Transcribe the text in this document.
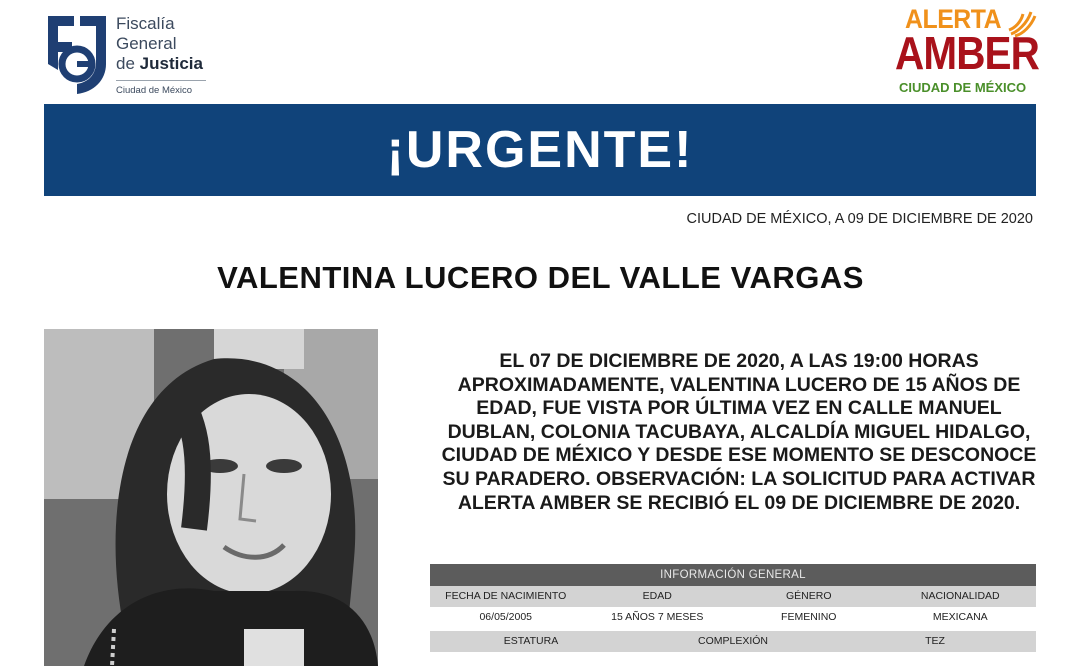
Fiscalía
General
de Justicia
Ciudad de México
ALERTA
AMBER
CIUDAD DE MÉXICO
¡URGENTE!
CIUDAD DE MÉXICO, A 09 DE DICIEMBRE DE 2020
VALENTINA LUCERO DEL VALLE VARGAS
EL 07 DE DICIEMBRE DE 2020, A LAS 19:00 HORAS APROXIMADAMENTE, VALENTINA LUCERO DE 15 AÑOS DE EDAD, FUE VISTA POR ÚLTIMA VEZ EN CALLE MANUEL DUBLAN, COLONIA TACUBAYA, ALCALDÍA MIGUEL HIDALGO, CIUDAD DE MÉXICO Y DESDE ESE MOMENTO SE DESCONOCE SU PARADERO. OBSERVACIÓN: LA SOLICITUD PARA ACTIVAR ALERTA AMBER SE RECIBIÓ EL 09 DE DICIEMBRE DE 2020.
INFORMACIÓN GENERAL
FECHA DE NACIMIENTO	EDAD	GÉNERO	NACIONALIDAD
06/05/2005	15 AÑOS 7 MESES	FEMENINO	MEXICANA
ESTATURA	COMPLEXIÓN	TEZ
